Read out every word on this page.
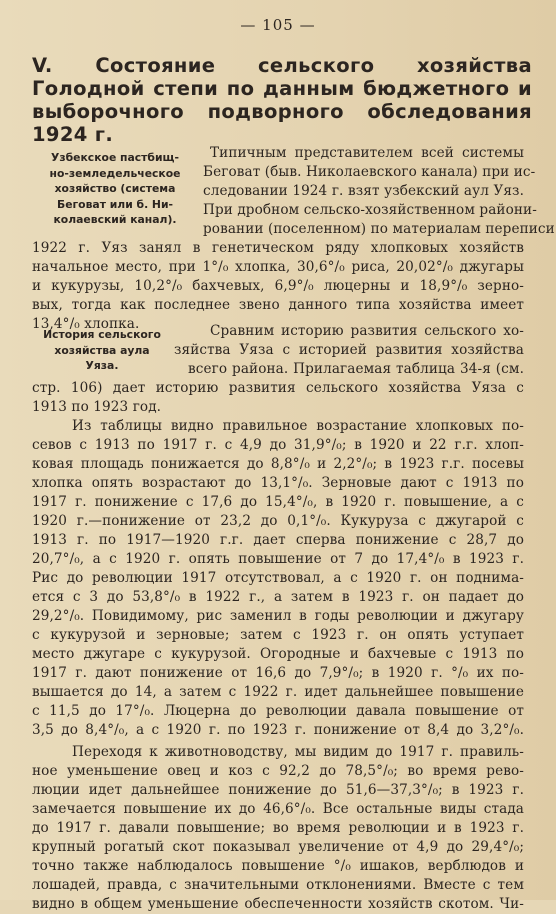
— 105 —
V. Состояние сельского хозяйства Голодной степи по данным бюджетного и выборочного подворного обследования 1924 г.
Узбекское пастбищ-
но-земледельческое
хозяйство (система
Беговат или б. Ни-
колаевский канал).
История сельского
хозяйства аула
Уяза.
Типичным представителем всей системы
Беговат (быв. Николаевского канала) при ис-
следовании 1924 г. взят узбекский аул Уяз.
При дробном сельско-хозяйственном райони-
ровании (поселенном) по материалам переписи
1922 г. Уяз занял в генетическом ряду хлопковых хозяйств
начальное место, при 1°/₀ хлопка, 30,6°/₀ риса, 20,02°/₀ джугары
и кукурузы, 10,2°/₀ бахчевых, 6,9°/₀ люцерны и 18,9°/₀ зерно-
вых, тогда как последнее звено данного типа хозяйства имеет
13,4°/₀ хлопка.	Сравним историю развития сельского хо-
зяйства Уяза с историей развития хозяйства
всего района. Прилагаемая таблица 34-я (см.
стр. 106) дает историю развития сельского хозяйства Уяза с
1913 по 1923 год.
Из таблицы видно правильное возрастание хлопковых по-
севов с 1913 по 1917 г. с 4,9 до 31,9°/₀; в 1920 и 22 г.г. хлоп-
ковая площадь понижается до 8,8°/₀ и 2,2°/₀; в 1923 г.г. посевы
хлопка опять возрастают до 13,1°/₀. Зерновые дают с 1913 по
1917 г. понижение с 17,6 до 15,4°/₀, в 1920 г. повышение, а с
1920 г.—понижение от 23,2 до 0,1°/₀. Кукуруза с джугарой с
1913 г. по 1917—1920 г.г. дает сперва понижение с 28,7 до
20,7°/₀, а с 1920 г. опять повышение от 7 до 17,4°/₀ в 1923 г.
Рис до революции 1917 отсутствовал, а с 1920 г. он поднима-
ется с 3 до 53,8°/₀ в 1922 г., а затем в 1923 г. он падает до
29,2°/₀. Повидимому, рис заменил в годы революции и джугару
с кукурузой и зерновые; затем с 1923 г. он опять уступает
место джугаре с кукурузой. Огородные и бахчевые с 1913 по
1917 г. дают понижение от 16,6 до 7,9°/₀; в 1920 г. °/₀ их по-
вышается до 14, а затем с 1922 г. идет дальнейшее повышение
с 11,5 до 17°/₀. Люцерна до революции давала повышение от
3,5 до 8,4°/₀, а с 1920 г. по 1923 г. понижение от 8,4 до 3,2°/₀.
Переходя к животноводству, мы видим до 1917 г. правиль-
ное уменьшение овец и коз с 92,2 до 78,5°/₀; во время рево-
люции идет дальнейшее понижение до 51,6—37,3°/₀; в 1923 г.
замечается повышение их до 46,6°/₀. Все остальные виды стада
до 1917 г. давали повышение; во время революции и в 1923 г.
крупный рогатый скот показывал увеличение от 4,9 до 29,4°/₀;
точно также наблюдалось повышение °/₀ ишаков, верблюдов и
лошадей, правда, с значительными отклонениями. Вместе с тем
видно в общем уменьшение обеспеченности хозяйств скотом. Чи-
